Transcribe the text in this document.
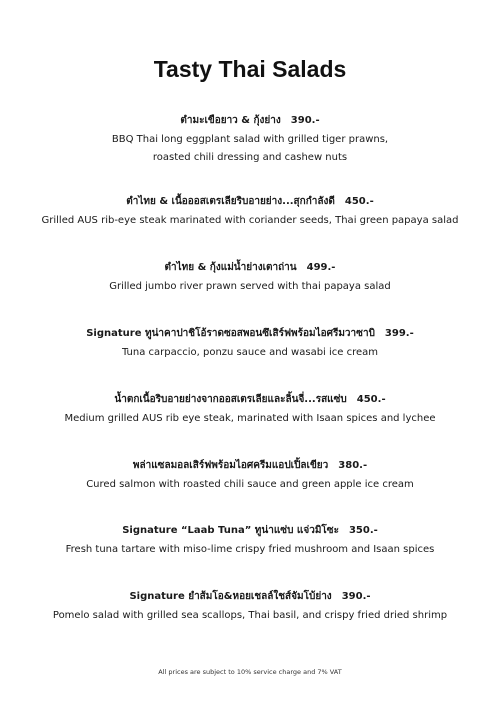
Tasty Thai Salads
ตำมะเขือยาว & กุ้งย่าง 390.-
BBQ Thai long eggplant salad with grilled tiger prawns,
roasted chili dressing and cashew nuts
ตำไทย & เนื้อออสเตรเลียริบอายย่าง...สุกกำลังดี 450.-
Grilled AUS rib-eye steak marinated with coriander seeds, Thai green papaya salad
ตำไทย & กุ้งแม่น้ำย่างเตาถ่าน 499.-
Grilled jumbo river prawn served with thai papaya salad
Signature ทูน่าคาปาชิโอ้ราดซอสพอนซึเสิร์ฟพร้อมไอศรีมวาซาบิ 399.-
Tuna carpaccio, ponzu sauce and wasabi ice cream
น้ำตกเนื้อริบอายย่างจากออสเตรเลียและลิ้นจี่...รสแซ่บ 450.-
Medium grilled AUS rib eye steak, marinated with Isaan spices and lychee
พล่าแซลมอลเสิร์ฟพร้อมไอศครีมแอปเปิ้ลเขียว 380.-
Cured salmon with roasted chili sauce and green apple ice cream
Signature “Laab Tuna” ทูน่าแซ่บ แจ่วมิโซะ 350.-
Fresh tuna tartare with miso-lime crispy fried mushroom and Isaan spices
Signature ยำส้มโอ&หอยเชลล์ใชส์จัมโบ้ย่าง 390.-
Pomelo salad with grilled sea scallops, Thai basil, and crispy fried dried shrimp
All prices are subject to 10% service charge and 7% VAT
